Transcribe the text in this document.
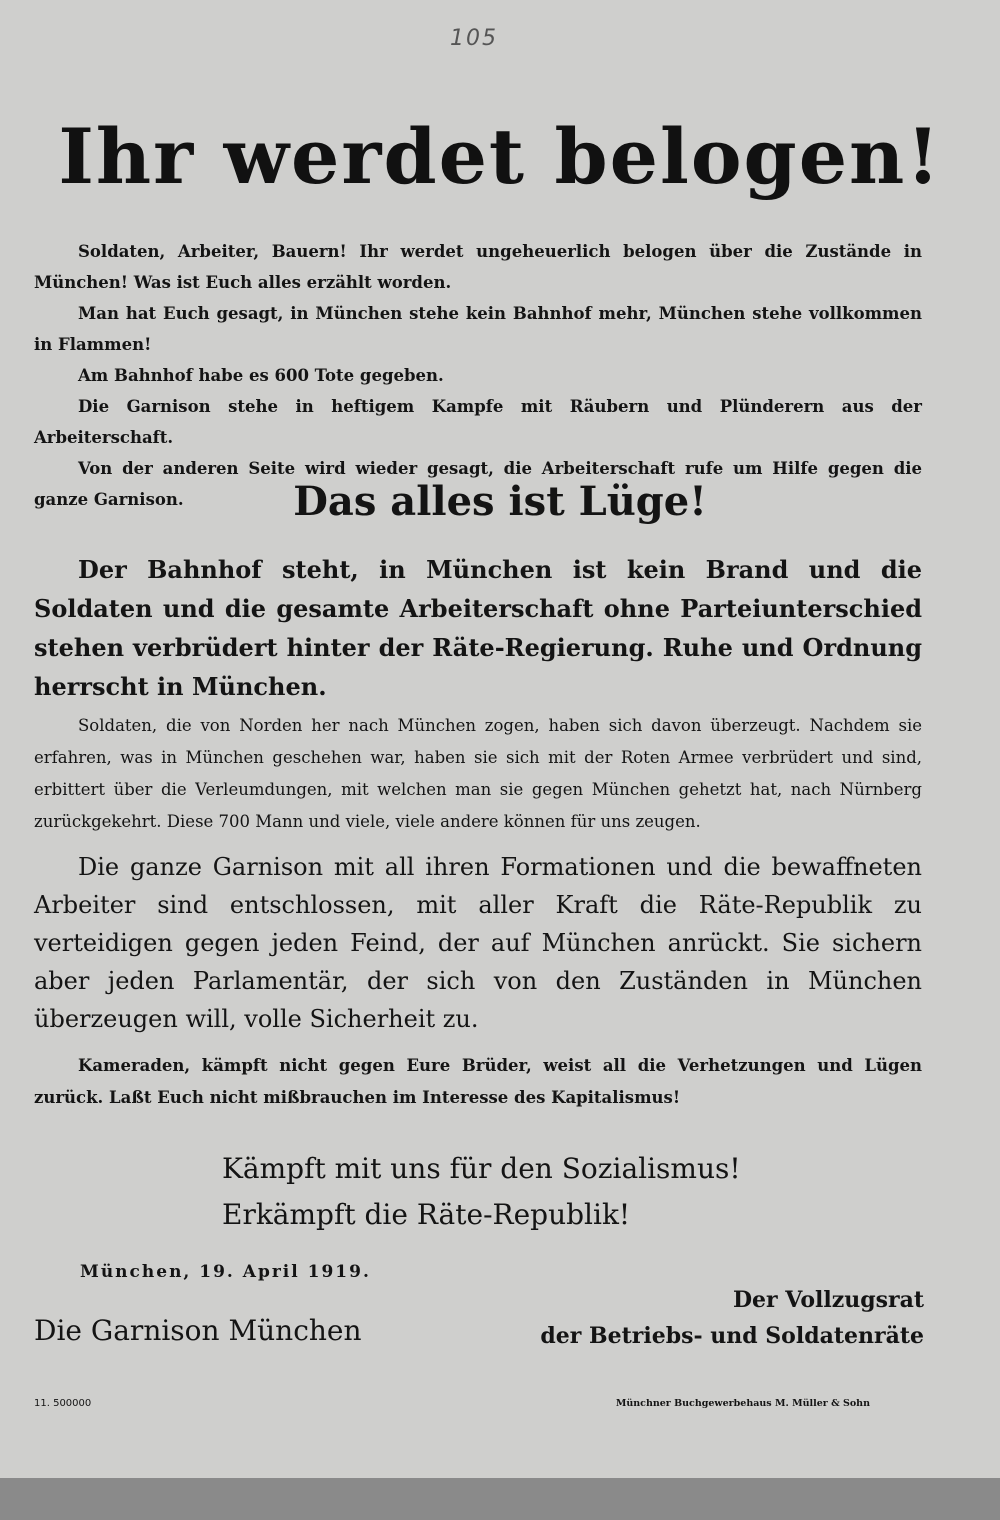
105
Ihr werdet belogen!

Soldaten, Arbeiter, Bauern! Ihr werdet ungeheuerlich belogen über die Zustände in München! Was ist Euch alles erzählt worden.

Man hat Euch gesagt, in München stehe kein Bahnhof mehr, München stehe vollkommen in Flammen!

Am Bahnhof habe es 600 Tote gegeben.

Die Garnison stehe in heftigem Kampfe mit Räubern und Plünderern aus der Arbeiterschaft.

Von der anderen Seite wird wieder gesagt, die Arbeiterschaft rufe um Hilfe gegen die ganze Garnison.	Das alles ist Lüge!

Der Bahnhof steht, in München ist kein Brand und die Soldaten und die gesamte Arbeiterschaft ohne Parteiunterschied stehen verbrüdert hinter der Räte-Regierung. Ruhe und Ordnung herrscht in München.

Soldaten, die von Norden her nach München zogen, haben sich davon überzeugt. Nachdem sie erfahren, was in München geschehen war, haben sie sich mit der Roten Armee verbrüdert und sind, erbittert über die Verleumdungen, mit welchen man sie gegen München gehetzt hat, nach Nürnberg zurückgekehrt. Diese 700 Mann und viele, viele andere können für uns zeugen.

Die ganze Garnison mit all ihren Formationen und die bewaffneten Arbeiter sind entschlossen, mit aller Kraft die Räte-Republik zu verteidigen gegen jeden Feind, der auf München anrückt. Sie sichern aber jeden Parlamentär, der sich von den Zuständen in München überzeugen will, volle Sicherheit zu.

Kameraden, kämpft nicht gegen Eure Brüder, weist all die Verhetzungen und Lügen zurück. Laßt Euch nicht mißbrauchen im Interesse des Kapitalismus!

Kämpft mit uns für den Sozialismus!

Erkämpft die Räte-Republik!

München, 19. April 1919.

Die Garnison München

Der Vollzugsrat
der Betriebs- und Soldatenräte

11. 500000	Münchner Buchgewerbehaus M. Müller & Sohn
